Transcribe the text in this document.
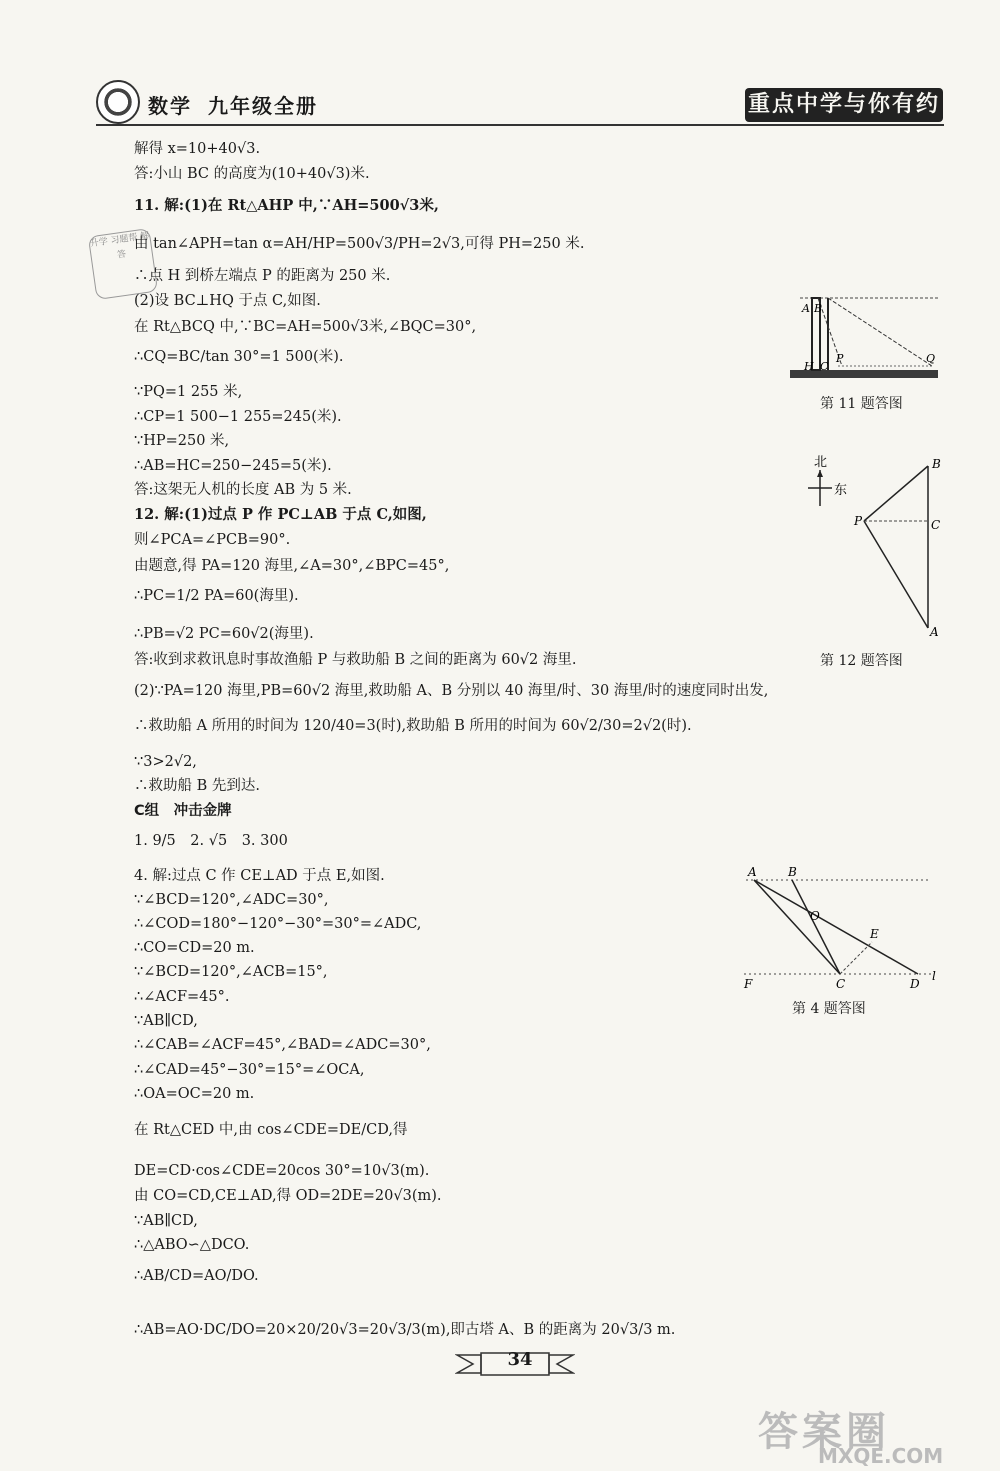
数学 九年级全册	重点中学与你有约
升学 习题帮 解答
解得 x=10+40√3.
答:小山 BC 的高度为(10+40√3)米.
11. 解:(1)在 Rt△AHP 中,∵AH=500√3米,
由 tan∠APH=tan α=AH/HP=500√3/PH=2√3,可得 PH=250 米.
∴点 H 到桥左端点 P 的距离为 250 米.
(2)设 BC⊥HQ 于点 C,如图.
在 Rt△BCQ 中,∵BC=AH=500√3米,∠BQC=30°,
∴CQ=BC/tan 30°=1 500(米).
∵PQ=1 255 米,
∴CP=1 500−1 255=245(米).
∵HP=250 米,
∴AB=HC=250−245=5(米).
答:这架无人机的长度 AB 为 5 米.
12. 解:(1)过点 P 作 PC⊥AB 于点 C,如图,
则∠PCA=∠PCB=90°.
由题意,得 PA=120 海里,∠A=30°,∠BPC=45°,
∴PC=1/2 PA=60(海里).
∴PB=√2 PC=60√2(海里).
答:收到求救讯息时事故渔船 P 与救助船 B 之间的距离为 60√2 海里.
(2)∵PA=120 海里,PB=60√2 海里,救助船 A、B 分别以 40 海里/时、30 海里/时的速度同时出发,
∴救助船 A 所用的时间为 120/40=3(时),救助船 B 所用的时间为 60√2/30=2√2(时).
∵3>2√2,
∴救助船 B 先到达.
C组　冲击金牌
1. 9/5　2. √5　3. 300
4. 解:过点 C 作 CE⊥AD 于点 E,如图.
∵∠BCD=120°,∠ADC=30°,
∴∠COD=180°−120°−30°=30°=∠ADC,
∴CO=CD=20 m.
∵∠BCD=120°,∠ACB=15°,
∴∠ACF=45°.
∵AB∥CD,
∴∠CAB=∠ACF=45°,∠BAD=∠ADC=30°,
∴∠CAD=45°−30°=15°=∠OCA,
∴OA=OC=20 m.
在 Rt△CED 中,由 cos∠CDE=DE/CD,得
DE=CD·cos∠CDE=20cos 30°=10√3(m).
由 CO=CD,CE⊥AD,得 OD=2DE=20√3(m).
∵AB∥CD,
∴△ABO∽△DCO.
∴AB/CD=AO/DO.
∴AB=AO·DC/DO=20×20/20√3=20√3/3(m),即古塔 A、B 的距离为 20√3/3 m.
A B
H C
P	Q
第 11 题答图
北
东
B
P	C
A
第 12 题答图
A	B
O
E
F	C	D
l
第 4 题答图
34
答案圈
MXQE.COM
